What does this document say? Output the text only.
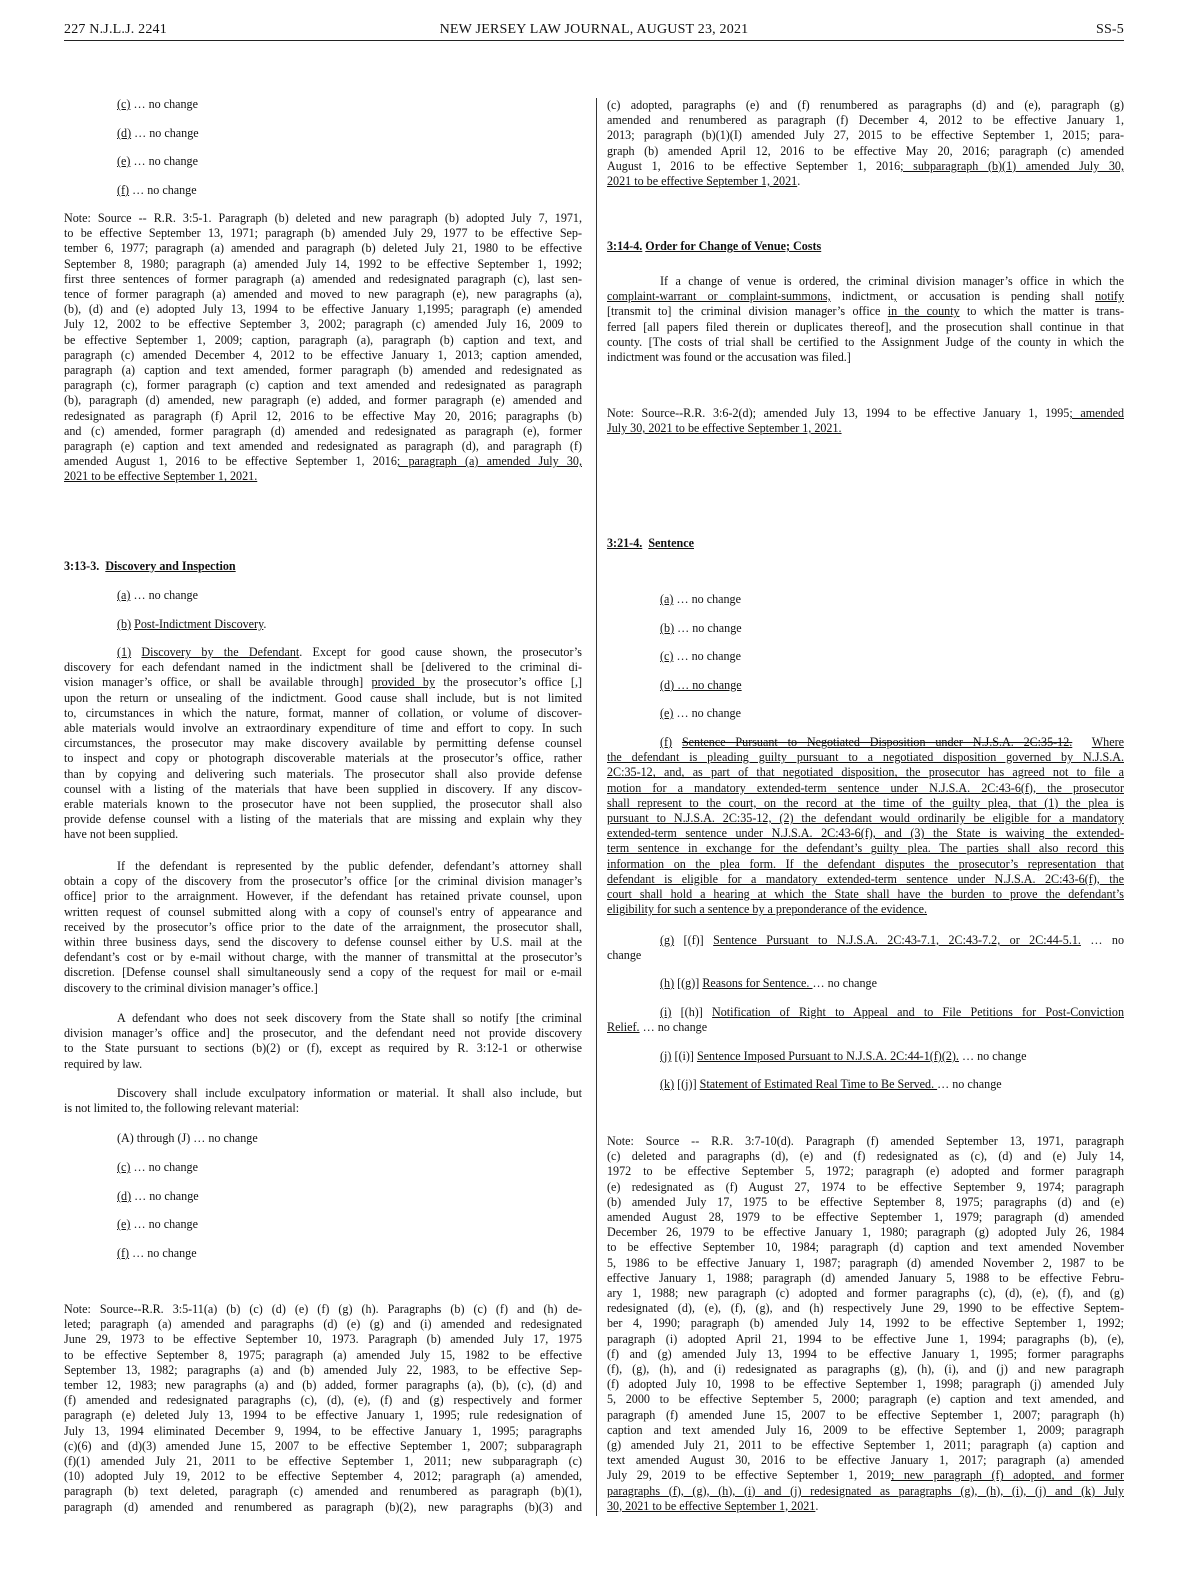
227 N.J.L.J. 2241	NEW JERSEY LAW JOURNAL, AUGUST 23, 2021	SS-5
(c) … no change
(d) … no change
(e) … no change
(f) … no change

Note: Source -- R.R. 3:5-1. Paragraph (b) deleted and new paragraph (b) adopted July 7, 1971,
to be effective September 13, 1971; paragraph (b) amended July 29, 1977 to be effective Sep-
tember 6, 1977; paragraph (a) amended and paragraph (b) deleted July 21, 1980 to be effective
September 8, 1980; paragraph (a) amended July 14, 1992 to be effective September 1, 1992;
first three sentences of former paragraph (a) amended and redesignated paragraph (c), last sen-
tence of former paragraph (a) amended and moved to new paragraph (e), new paragraphs (a),
(b), (d) and (e) adopted July 13, 1994 to be effective January 1,1995; paragraph (e) amended
July 12, 2002 to be effective September 3, 2002; paragraph (c) amended July 16, 2009 to
be effective September 1, 2009; caption, paragraph (a), paragraph (b) caption and text, and
paragraph (c) amended December 4, 2012 to be effective January 1, 2013; caption amended,
paragraph (a) caption and text amended, former paragraph (b) amended and redesignated as
paragraph (c), former paragraph (c) caption and text amended and redesignated as paragraph
(b), paragraph (d) amended, new paragraph (e) added, and former paragraph (e) amended and
redesignated as paragraph (f) April 12, 2016 to be effective May 20, 2016; paragraphs (b)
and (c) amended, former paragraph (d) amended and redesignated as paragraph (e), former
paragraph (e) caption and text amended and redesignated as paragraph (d), and paragraph (f)
amended August 1, 2016 to be effective September 1, 2016; paragraph (a) amended July 30,
2021 to be effective September 1, 2021.

3:13-3. Discovery and Inspection
(a) … no change
(b) Post-Indictment Discovery.

(1) Discovery by the Defendant. Except for good cause shown, the prosecutor’s
discovery for each defendant named in the indictment shall be [delivered to the criminal di-
vision manager’s office, or shall be available through] provided by the prosecutor’s office [,]
upon the return or unsealing of the indictment. Good cause shall include, but is not limited
to, circumstances in which the nature, format, manner of collation, or volume of discover-
able materials would involve an extraordinary expenditure of time and effort to copy. In such
circumstances, the prosecutor may make discovery available by permitting defense counsel
to inspect and copy or photograph discoverable materials at the prosecutor’s office, rather
than by copying and delivering such materials. The prosecutor shall also provide defense
counsel with a listing of the materials that have been supplied in discovery. If any discov-
erable materials known to the prosecutor have not been supplied, the prosecutor shall also
provide defense counsel with a listing of the materials that are missing and explain why they
have not been supplied.

If the defendant is represented by the public defender, defendant’s attorney shall
obtain a copy of the discovery from the prosecutor’s office [or the criminal division manager’s
office] prior to the arraignment. However, if the defendant has retained private counsel, upon
written request of counsel submitted along with a copy of counsel's entry of appearance and
received by the prosecutor’s office prior to the date of the arraignment, the prosecutor shall,
within three business days, send the discovery to defense counsel either by U.S. mail at the
defendant’s cost or by e-mail without charge, with the manner of transmittal at the prosecutor’s
discretion. [Defense counsel shall simultaneously send a copy of the request for mail or e-mail
discovery to the criminal division manager’s office.]

A defendant who does not seek discovery from the State shall so notify [the criminal
division manager’s office and] the prosecutor, and the defendant need not provide discovery
to the State pursuant to sections (b)(2) or (f), except as required by R. 3:12-1 or otherwise
required by law.

Discovery shall include exculpatory information or material. It shall also include, but
is not limited to, the following relevant material:

(A) through (J) … no change
(c) … no change
(d) … no change
(e) … no change
(f) … no change

Note: Source--R.R. 3:5-11(a) (b) (c) (d) (e) (f) (g) (h). Paragraphs (b) (c) (f) and (h) de-
leted; paragraph (a) amended and paragraphs (d) (e) (g) and (i) amended and redesignated
June 29, 1973 to be effective September 10, 1973. Paragraph (b) amended July 17, 1975
to be effective September 8, 1975; paragraph (a) amended July 15, 1982 to be effective
September 13, 1982; paragraphs (a) and (b) amended July 22, 1983, to be effective Sep-
tember 12, 1983; new paragraphs (a) and (b) added, former paragraphs (a), (b), (c), (d) and
(f) amended and redesignated paragraphs (c), (d), (e), (f) and (g) respectively and former
paragraph (e) deleted July 13, 1994 to be effective January 1, 1995; rule redesignation of
July 13, 1994 eliminated December 9, 1994, to be effective January 1, 1995; paragraphs
(c)(6) and (d)(3) amended June 15, 2007 to be effective September 1, 2007; subparagraph
(f)(1) amended July 21, 2011 to be effective September 1, 2011; new subparagraph (c)
(10) adopted July 19, 2012 to be effective September 4, 2012; paragraph (a) amended,
paragraph (b) text deleted, paragraph (c) amended and renumbered as paragraph (b)(1),
paragraph (d) amended and renumbered as paragraph (b)(2), new paragraphs (b)(3) and

(c) adopted, paragraphs (e) and (f) renumbered as paragraphs (d) and (e), paragraph (g)
amended and renumbered as paragraph (f) December 4, 2012 to be effective January 1,
2013; paragraph (b)(1)(I) amended July 27, 2015 to be effective September 1, 2015; para-
graph (b) amended April 12, 2016 to be effective May 20, 2016; paragraph (c) amended
August 1, 2016 to be effective September 1, 2016; subparagraph (b)(1) amended July 30,
2021 to be effective September 1, 2021.

3:14-4. Order for Change of Venue; Costs

If a change of venue is ordered, the criminal division manager’s office in which the
complaint-warrant or complaint-summons, indictment, or accusation is pending shall notify
[transmit to] the criminal division manager’s office in the county to which the matter is trans-
ferred [all papers filed therein or duplicates thereof], and the prosecution shall continue in that
county. [The costs of trial shall be certified to the Assignment Judge of the county in which the
indictment was found or the accusation was filed.]

Note: Source--R.R. 3:6-2(d); amended July 13, 1994 to be effective January 1, 1995; amended
July 30, 2021 to be effective September 1, 2021.

3:21-4. Sentence
(a) … no change
(b) … no change
(c) … no change
(d) … no change
(e) … no change

(f) Sentence Pursuant to Negotiated Disposition under N.J.S.A. 2C:35-12. Where
the defendant is pleading guilty pursuant to a negotiated disposition governed by N.J.S.A.
2C:35-12, and, as part of that negotiated disposition, the prosecutor has agreed not to file a
motion for a mandatory extended-term sentence under N.J.S.A. 2C:43-6(f), the prosecutor
shall represent to the court, on the record at the time of the guilty plea, that (1) the plea is
pursuant to N.J.S.A. 2C:35-12, (2) the defendant would ordinarily be eligible for a mandatory
extended-term sentence under N.J.S.A. 2C:43-6(f), and (3) the State is waiving the extended-
term sentence in exchange for the defendant’s guilty plea. The parties shall also record this
information on the plea form. If the defendant disputes the prosecutor’s representation that
defendant is eligible for a mandatory extended-term sentence under N.J.S.A. 2C:43-6(f), the
court shall hold a hearing at which the State shall have the burden to prove the defendant’s
eligibility for such a sentence by a preponderance of the evidence.

(g) [(f)] Sentence Pursuant to N.J.S.A. 2C:43-7.1, 2C:43-7.2, or 2C:44-5.1. … no
change

(h) [(g)] Reasons for Sentence. … no change

(i) [(h)] Notification of Right to Appeal and to File Petitions for Post-Conviction
Relief. … no change

(j) [(i)] Sentence Imposed Pursuant to N.J.S.A. 2C:44-1(f)(2). … no change
(k) [(j)] Statement of Estimated Real Time to Be Served. … no change

Note: Source -- R.R. 3:7-10(d). Paragraph (f) amended September 13, 1971, paragraph
(c) deleted and paragraphs (d), (e) and (f) redesignated as (c), (d) and (e) July 14,
1972 to be effective September 5, 1972; paragraph (e) adopted and former paragraph
(e) redesignated as (f) August 27, 1974 to be effective September 9, 1974; paragraph
(b) amended July 17, 1975 to be effective September 8, 1975; paragraphs (d) and (e)
amended August 28, 1979 to be effective September 1, 1979; paragraph (d) amended
December 26, 1979 to be effective January 1, 1980; paragraph (g) adopted July 26, 1984
to be effective September 10, 1984; paragraph (d) caption and text amended November
5, 1986 to be effective January 1, 1987; paragraph (d) amended November 2, 1987 to be
effective January 1, 1988; paragraph (d) amended January 5, 1988 to be effective Febru-
ary 1, 1988; new paragraph (c) adopted and former paragraphs (c), (d), (e), (f), and (g)
redesignated (d), (e), (f), (g), and (h) respectively June 29, 1990 to be effective Septem-
ber 4, 1990; paragraph (b) amended July 14, 1992 to be effective September 1, 1992;
paragraph (i) adopted April 21, 1994 to be effective June 1, 1994; paragraphs (b), (e),
(f) and (g) amended July 13, 1994 to be effective January 1, 1995; former paragraphs
(f), (g), (h), and (i) redesignated as paragraphs (g), (h), (i), and (j) and new paragraph
(f) adopted July 10, 1998 to be effective September 1, 1998; paragraph (j) amended July
5, 2000 to be effective September 5, 2000; paragraph (e) caption and text amended, and
paragraph (f) amended June 15, 2007 to be effective September 1, 2007; paragraph (h)
caption and text amended July 16, 2009 to be effective September 1, 2009; paragraph
(g) amended July 21, 2011 to be effective September 1, 2011; paragraph (a) caption and
text amended August 30, 2016 to be effective January 1, 2017; paragraph (a) amended
July 29, 2019 to be effective September 1, 2019; new paragraph (f) adopted, and former
paragraphs (f), (g), (h), (i) and (j) redesignated as paragraphs (g), (h), (i), (j) and (k) July
30, 2021 to be effective September 1, 2021.
